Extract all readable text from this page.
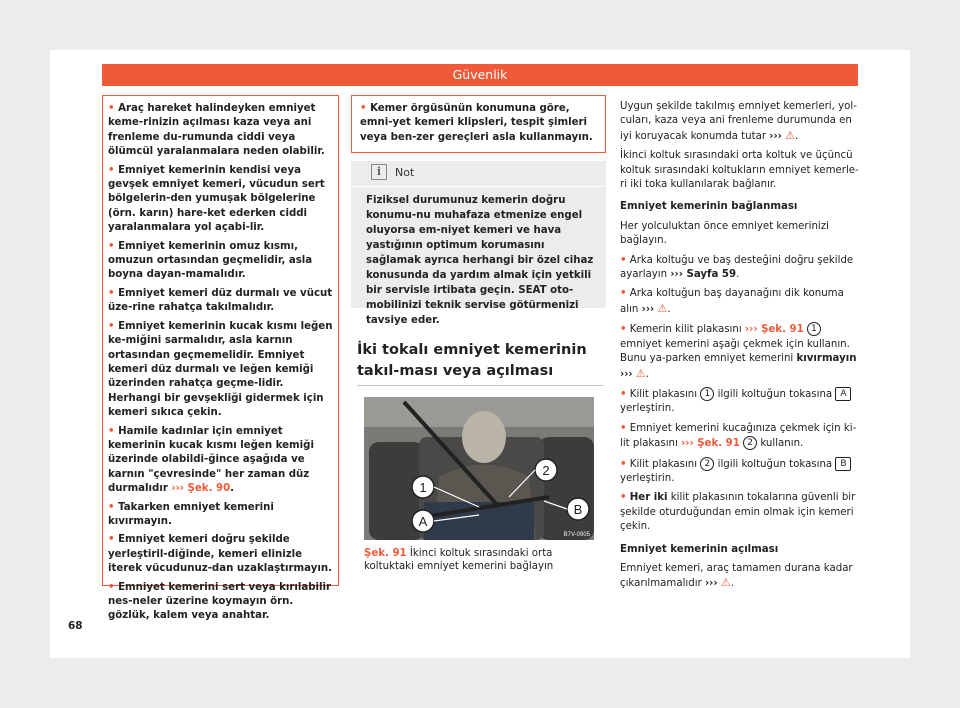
Güvenlik

• Araç hareket halindeyken emniyet keme-rinizin açılması kaza veya ani frenleme du-rumunda ciddi veya ölümcül yaralanmalara neden olabilir.

• Emniyet kemerinin kendisi veya gevşek emniyet kemeri, vücudun sert bölgelerin-den yumuşak bölgelerine (örn. karın) hare-ket ederken ciddi yaralanmalara yol açabi-lir.

• Emniyet kemerinin omuz kısmı, omuzun ortasından geçmelidir, asla boyna dayan-mamalıdır.

• Emniyet kemeri düz durmalı ve vücut üze-rine rahatça takılmalıdır.

• Emniyet kemerinin kucak kısmı leğen ke-miğini sarmalıdır, asla karnın ortasından geçmemelidir. Emniyet kemeri düz durmalı ve leğen kemiği üzerinden rahatça geçme-lidir. Herhangi bir gevşekliği gidermek için kemeri sıkıca çekin.

• Hamile kadınlar için emniyet kemerinin kucak kısmı leğen kemiği üzerinde olabildi-ğince aşağıda ve karnın "çevresinde" her zaman düz durmalıdır ››› Şek. 90.

• Takarken emniyet kemerini kıvırmayın.

• Emniyet kemeri doğru şekilde yerleştiril-diğinde, kemeri elinizle iterek vücudunuz-dan uzaklaştırmayın.

• Emniyet kemerini sert veya kırılabilir nes-neler üzerine koymayın örn. gözlük, kalem veya anahtar.

• Kemer örgüsünün konumuna göre, emni-yet kemeri klipsleri, tespit şimleri veya ben-zer gereçleri asla kullanmayın.

i	Not
Fiziksel durumunuz kemerin doğru konumu-nu muhafaza etmenize engel oluyorsa em-niyet kemeri ve hava yastığının optimum korumasını sağlamak ayrıca herhangi bir özel cihaz konusunda da yardım almak için yetkili bir servisle irtibata geçin. SEAT oto-mobilinizi teknik servise götürmenizi tavsiye eder.
İki tokalı emniyet kemerinin takıl-ması veya açılması
2
1
A
B
B7V-0905
Şek. 91 İkinci koltuk sırasındaki orta koltuktaki emniyet kemerini bağlayın

Uygun şekilde takılmış emniyet kemerleri, yol-cuları, kaza veya ani frenleme durumunda en iyi koruyacak konumda tutar ››› ⚠.

İkinci koltuk sırasındaki orta koltuk ve üçüncü koltuk sırasındaki koltukların emniyet kemerle-ri iki toka kullanılarak bağlanır.

Emniyet kemerinin bağlanması

Her yolculuktan önce emniyet kemerinizi bağlayın.

• Arka koltuğu ve baş desteğini doğru şekilde ayarlayın ››› Sayfa 59.

• Arka koltuğun baş dayanağını dik konuma alın ››› ⚠.

• Kemerin kilit plakasını ››› Şek. 91 1 emniyet kemerini aşağı çekmek için kullanın. Bunu ya-parken emniyet kemerini kıvırmayın ››› ⚠.

• Kilit plakasını 1 ilgili koltuğun tokasına A yerleştirin.

• Emniyet kemerini kucağınıza çekmek için ki-lit plakasını ››› Şek. 91 2 kullanın.

• Kilit plakasını 2 ilgili koltuğun tokasına B yerleştirin.

• Her iki kilit plakasının tokalarına güvenli bir şekilde oturduğundan emin olmak için kemeri çekin.

Emniyet kemerinin açılması

Emniyet kemeri, araç tamamen durana kadar çıkarılmamalıdır ››› ⚠.

68
